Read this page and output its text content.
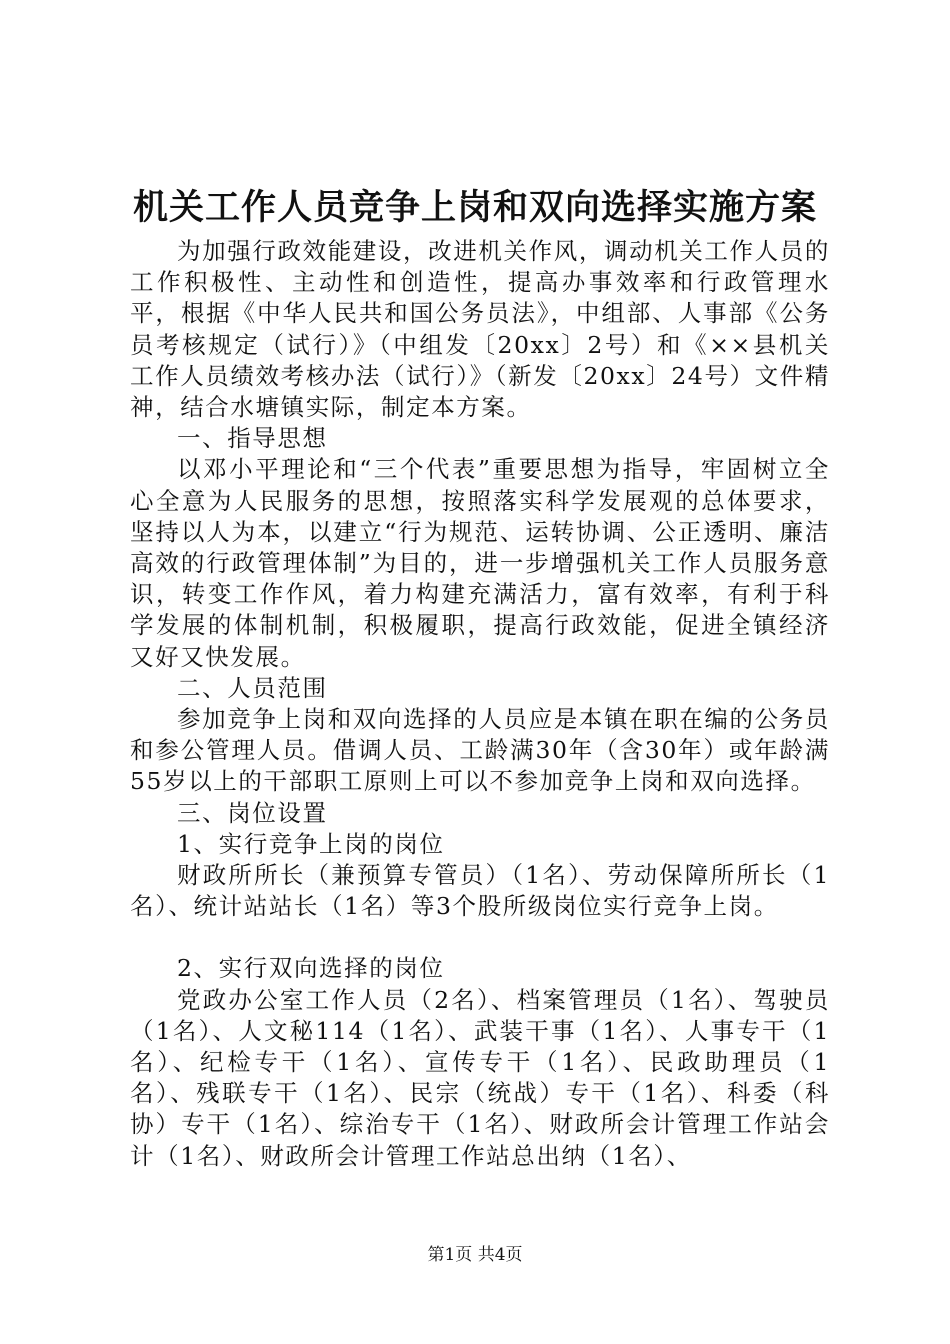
机关工作人员竞争上岗和双向选择实施方案

为加强行政效能建设，改进机关作风，调动机关工作人员的工作积极性、主动性和创造性，提高办事效率和行政管理水平，根据《中华人民共和国公务员法》，中组部、人事部《公务员考核规定（试行）》（中组发〔20xx〕2号）和《××县机关工作人员绩效考核办法（试行）》（新发〔20xx〕24号）文件精神，结合水塘镇实际，制定本方案。

一、指导思想

以邓小平理论和“三个代表”重要思想为指导，牢固树立全心全意为人民服务的思想，按照落实科学发展观的总体要求，坚持以人为本，以建立“行为规范、运转协调、公正透明、廉洁高效的行政管理体制”为目的，进一步增强机关工作人员服务意识，转变工作作风，着力构建充满活力，富有效率，有利于科学发展的体制机制，积极履职，提高行政效能，促进全镇经济又好又快发展。

二、人员范围

参加竞争上岗和双向选择的人员应是本镇在职在编的公务员和参公管理人员。借调人员、工龄满30年（含30年）或年龄满55岁以上的干部职工原则上可以不参加竞争上岗和双向选择。

三、岗位设置

1、实行竞争上岗的岗位

财政所所长（兼预算专管员）（1名）、劳动保障所所长（1名）、统计站站长（1名）等3个股所级岗位实行竞争上岗。

2、实行双向选择的岗位

党政办公室工作人员（2名）、档案管理员（1名）、驾驶员（1名）、人文秘114（1名）、武装干事（1名）、人事专干（1名）、纪检专干（1名）、宣传专干（1名）、民政助理员（1名）、残联专干（1名）、民宗（统战）专干（1名）、科委（科协）专干（1名）、综治专干（1名）、财政所会计管理工作站会计（1名）、财政所会计管理工作站总出纳（1名）、

第1页 共4页
